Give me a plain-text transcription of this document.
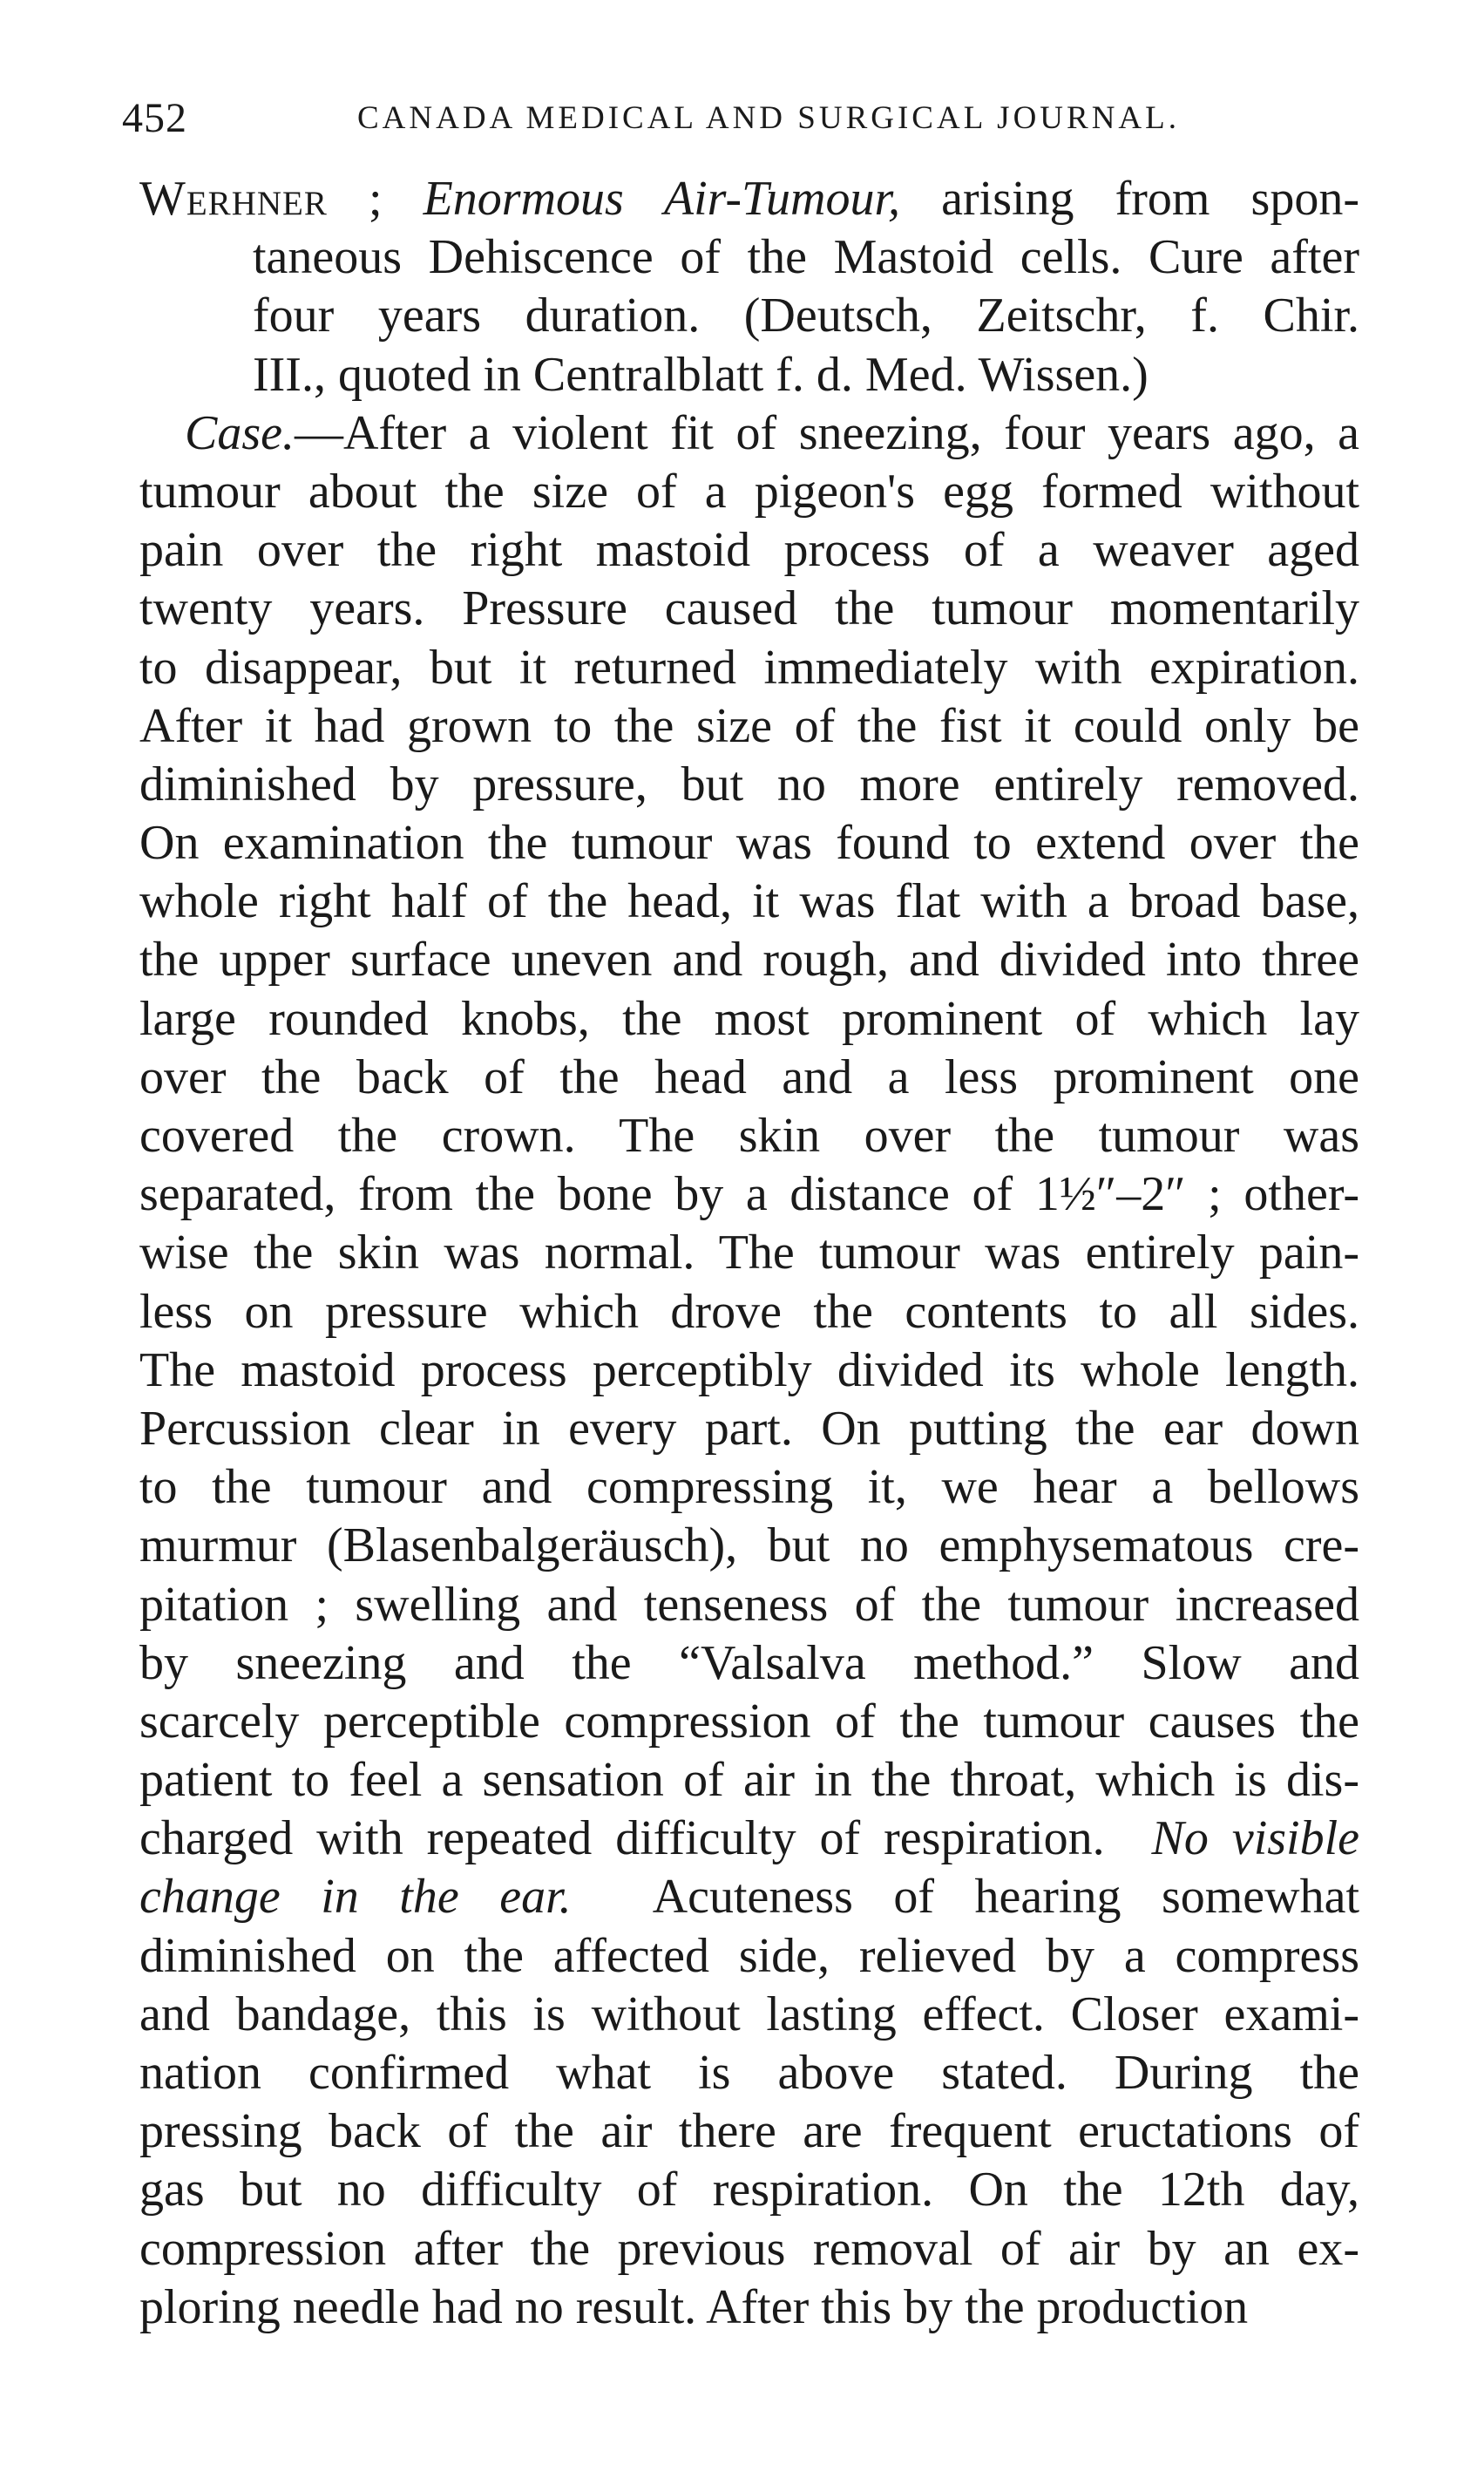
452	CANADA MEDICAL AND SURGICAL JOURNAL.
Werhner ; Enormous Air-Tumour, arising from spon-
taneous Dehiscence of the Mastoid cells. Cure after
four years duration. (Deutsch, Zeitschr, f. Chir.
III., quoted in Centralblatt f. d. Med. Wissen.)
Case.—After a violent fit of sneezing, four years ago, a
tumour about the size of a pigeon's egg formed without
pain over the right mastoid process of a weaver aged
twenty years. Pressure caused the tumour momentarily
to disappear, but it returned immediately with expiration.
After it had grown to the size of the fist it could only be
diminished by pressure, but no more entirely removed.
On examination the tumour was found to extend over the
whole right half of the head, it was flat with a broad base,
the upper surface uneven and rough, and divided into three
large rounded knobs, the most prominent of which lay
over the back of the head and a less prominent one
covered the crown. The skin over the tumour was
separated, from the bone by a distance of 1½″–2″ ; other-
wise the skin was normal. The tumour was entirely pain-
less on pressure which drove the contents to all sides.
The mastoid process perceptibly divided its whole length.
Percussion clear in every part. On putting the ear down
to the tumour and compressing it, we hear a bellows
murmur (Blasenbalgeräusch), but no emphysematous cre-
pitation ; swelling and tenseness of the tumour increased
by sneezing and the “Valsalva method.” Slow and
scarcely perceptible compression of the tumour causes the
patient to feel a sensation of air in the throat, which is dis-
charged with repeated difficulty of respiration. No visible
change in the ear. Acuteness of hearing somewhat
diminished on the affected side, relieved by a compress
and bandage, this is without lasting effect. Closer exami-
nation confirmed what is above stated. During the
pressing back of the air there are frequent eructations of
gas but no difficulty of respiration. On the 12th day,
compression after the previous removal of air by an ex-
ploring needle had no result. After this by the production
